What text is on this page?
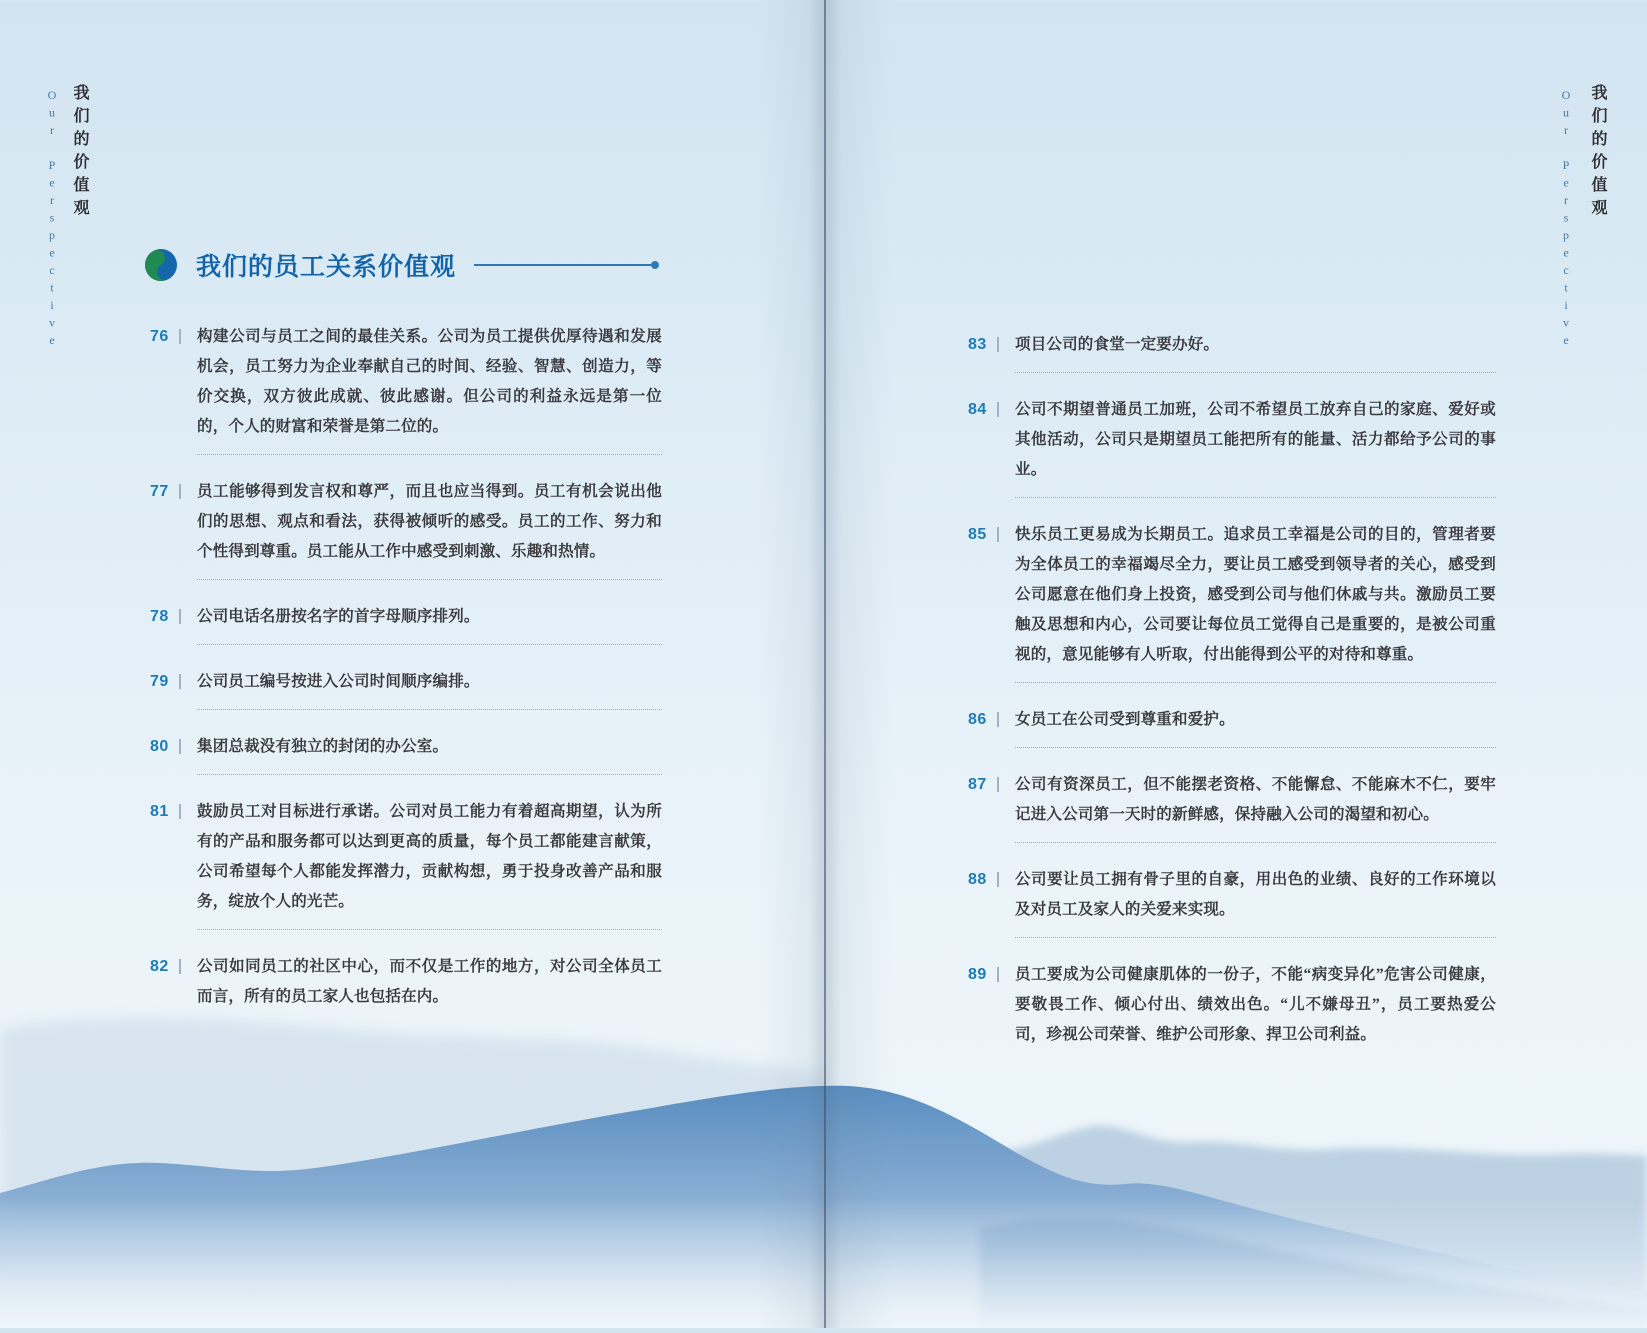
Our Perspective 我们的价值观	Our Perspective 我们的价值观
我们的员工关系价值观
76 构建公司与员工之间的最佳关系。公司为员工提供优厚待遇和发展机会，员工努力为企业奉献自己的时间、经验、智慧、创造力，等价交换，双方彼此成就、彼此感谢。但公司的利益永远是第一位的，个人的财富和荣誉是第二位的。

77 员工能够得到发言权和尊严，而且也应当得到。员工有机会说出他们的思想、观点和看法，获得被倾听的感受。员工的工作、努力和个性得到尊重。员工能从工作中感受到刺激、乐趣和热情。

78 公司电话名册按名字的首字母顺序排列。

79 公司员工编号按进入公司时间顺序编排。

80 集团总裁没有独立的封闭的办公室。

81 鼓励员工对目标进行承诺。公司对员工能力有着超高期望，认为所有的产品和服务都可以达到更高的质量，每个员工都能建言献策，公司希望每个人都能发挥潜力，贡献构想，勇于投身改善产品和服务，绽放个人的光芒。

82 公司如同员工的社区中心，而不仅是工作的地方，对公司全体员工而言，所有的员工家人也包括在内。

83 项目公司的食堂一定要办好。

84 公司不期望普通员工加班，公司不希望员工放弃自己的家庭、爱好或其他活动，公司只是期望员工能把所有的能量、活力都给予公司的事业。

85 快乐员工更易成为长期员工。追求员工幸福是公司的目的，管理者要为全体员工的幸福竭尽全力，要让员工感受到领导者的关心，感受到公司愿意在他们身上投资，感受到公司与他们休戚与共。激励员工要触及思想和内心，公司要让每位员工觉得自己是重要的，是被公司重视的，意见能够有人听取，付出能得到公平的对待和尊重。

86 女员工在公司受到尊重和爱护。

87 公司有资深员工，但不能摆老资格、不能懈怠、不能麻木不仁，要牢记进入公司第一天时的新鲜感，保持融入公司的渴望和初心。

88 公司要让员工拥有骨子里的自豪，用出色的业绩、良好的工作环境以及对员工及家人的关爱来实现。

89 员工要成为公司健康肌体的一份子，不能“病变异化”危害公司健康，要敬畏工作、倾心付出、绩效出色。“儿不嫌母丑”，员工要热爱公司，珍视公司荣誉、维护公司形象、捍卫公司利益。
